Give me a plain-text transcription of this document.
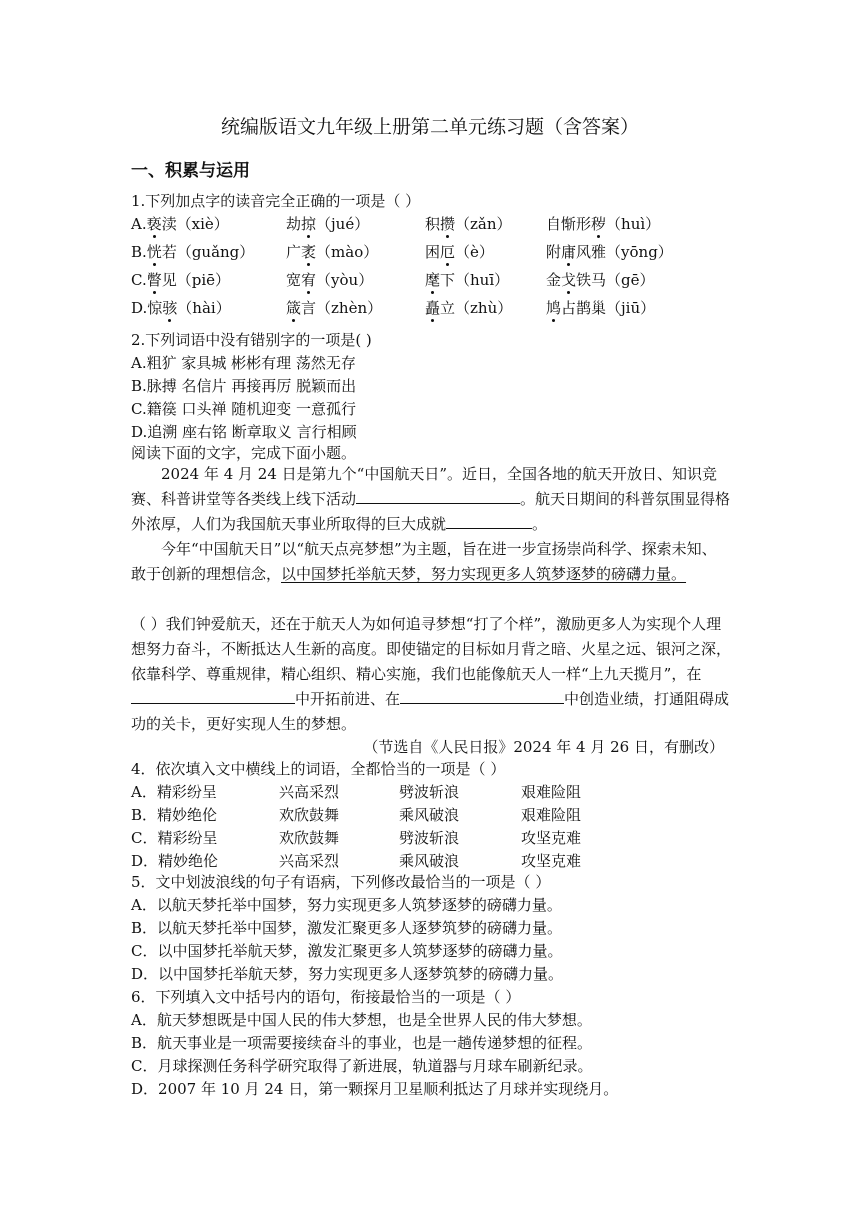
统编版语文九年级上册第二单元练习题（含答案）
一、积累与运用
1.下列加点字的读音完全正确的一项是（ ）
A.亵渎（xiè）	劫掠（jué）	积攒（zǎn） 自惭形秽（huì）
B.恍若（guǎng） 广袤（mào）	困厄（è）	附庸风雅（yōng）
C.瞥见（piē）	宽宥（yòu）	麾下（huī） 金戈铁马（gē）
D.惊骇（hài）	箴言（zhèn）	矗立（zhù） 鸠占鹊巢（jiū）
2.下列词语中没有错别字的一项是( )
A.粗犷 家具城 彬彬有理 荡然无存
B.脉搏 名信片 再接再厉 脱颖而出
C.籍篌 口头禅 随机迎变 一意孤行
D.追溯 座右铭 断章取义 言行相顾
阅读下面的文字，完成下面小题。
2024 年 4 月 24 日是第九个“中国航天日”。近日，全国各地的航天开放日、知识竞赛、科普讲堂等各类线上线下活动	。航天日期间的科普氛围显得格外浓厚，人们为我国航天事业所取得的巨大成就	。
今年“中国航天日”以“航天点亮梦想”为主题，旨在进一步宣扬崇尚科学、探索未知、敢于创新的理想信念，以中国梦托举航天梦，努力实现更多人筑梦逐梦的磅礴力量。
（ ）我们钟爱航天，还在于航天人为如何追寻梦想“打了个样”，激励更多人为实现个人理想努力奋斗，不断抵达人生新的高度。即使锚定的目标如月背之暗、火星之远、银河之深，依靠科学、尊重规律，精心组织、精心实施，我们也能像航天人一样“上九天揽月”，在中开拓前进、在	中创造业绩，打通阻碍成功的关卡，更好实现人生的梦想。
（节选自《人民日报》2024 年 4 月 26 日，有删改）
4．依次填入文中横线上的词语，全都恰当的一项是（ ）
A．精彩纷呈	兴高采烈	劈波斩浪	艰难险阻
B．精妙绝伦	欢欣鼓舞	乘风破浪	艰难险阻
C．精彩纷呈	欢欣鼓舞	劈波斩浪	攻坚克难
D．精妙绝伦	兴高采烈	乘风破浪	攻坚克难
5．文中划波浪线的句子有语病，下列修改最恰当的一项是（ ）
A．以航天梦托举中国梦，努力实现更多人筑梦逐梦的磅礴力量。
B．以航天梦托举中国梦，激发汇聚更多人逐梦筑梦的磅礴力量。
C．以中国梦托举航天梦，激发汇聚更多人筑梦逐梦的磅礴力量。
D．以中国梦托举航天梦，努力实现更多人逐梦筑梦的磅礴力量。
6．下列填入文中括号内的语句，衔接最恰当的一项是（ ）
A．航天梦想既是中国人民的伟大梦想，也是全世界人民的伟大梦想。
B．航天事业是一项需要接续奋斗的事业，也是一趟传递梦想的征程。
C．月球探测任务科学研究取得了新进展，轨道器与月球车刷新纪录。
D．2007 年 10 月 24 日，第一颗探月卫星顺利抵达了月球并实现绕月。
